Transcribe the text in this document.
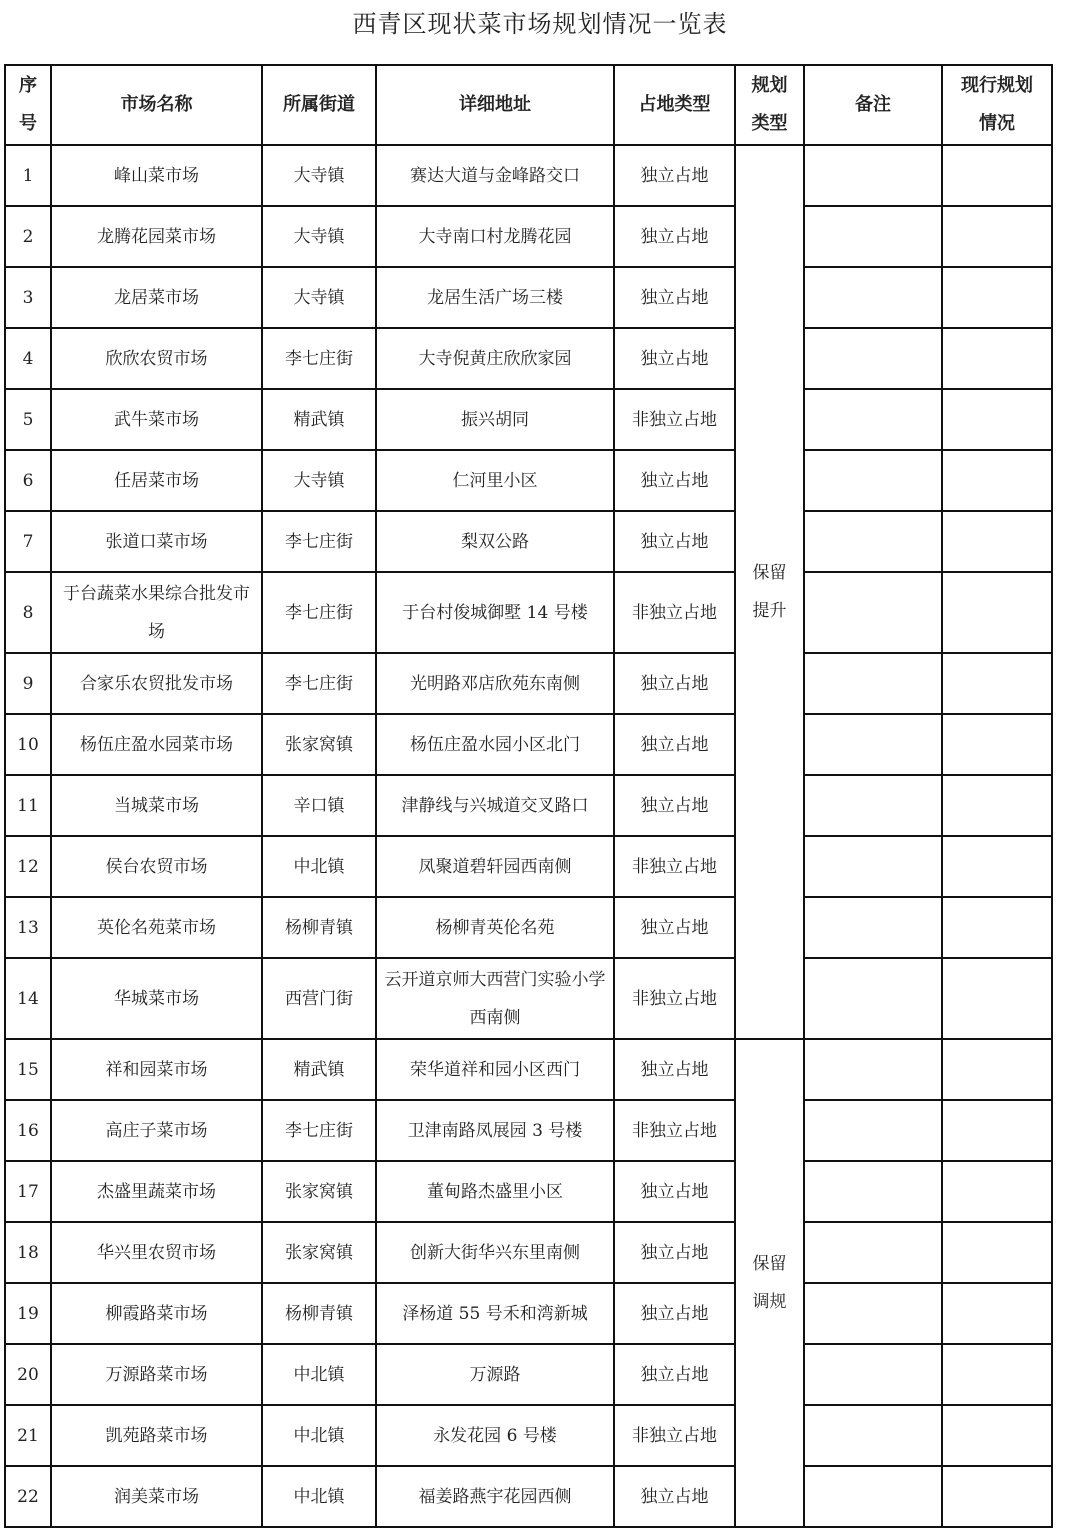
西青区现状菜市场规划情况一览表
序号	市场名称	所属街道	详细地址	占地类型	规划类型	备注	现行规划情况
1	峰山菜市场	大寺镇	赛达大道与金峰路交口	独立占地	保留提升		
2	龙腾花园菜市场	大寺镇	大寺南口村龙腾花园	独立占地			
3	龙居菜市场	大寺镇	龙居生活广场三楼	独立占地			
4	欣欣农贸市场	李七庄街	大寺倪黄庄欣欣家园	独立占地			
5	武牛菜市场	精武镇	振兴胡同	非独立占地			
6	任居菜市场	大寺镇	仁河里小区	独立占地			
7	张道口菜市场	李七庄街	梨双公路	独立占地			
8	于台蔬菜水果综合批发市场	李七庄街	于台村俊城御墅 14 号楼	非独立占地			
9	合家乐农贸批发市场	李七庄街	光明路邓店欣苑东南侧	独立占地			
10	杨伍庄盈水园菜市场	张家窝镇	杨伍庄盈水园小区北门	独立占地			
11	当城菜市场	辛口镇	津静线与兴城道交叉路口	独立占地			
12	侯台农贸市场	中北镇	凤聚道碧轩园西南侧	非独立占地			
13	英伦名苑菜市场	杨柳青镇	杨柳青英伦名苑	独立占地			
14	华城菜市场	西营门街	云开道京师大西营门实验小学西南侧	非独立占地			
15	祥和园菜市场	精武镇	荣华道祥和园小区西门	独立占地	保留调规		
16	高庄子菜市场	李七庄街	卫津南路凤展园 3 号楼	非独立占地			
17	杰盛里蔬菜市场	张家窝镇	董甸路杰盛里小区	独立占地			
18	华兴里农贸市场	张家窝镇	创新大街华兴东里南侧	独立占地			
19	柳霞路菜市场	杨柳青镇	泽杨道 55 号禾和湾新城	独立占地			
20	万源路菜市场	中北镇	万源路	独立占地			
21	凯苑路菜市场	中北镇	永发花园 6 号楼	非独立占地			
22	润美菜市场	中北镇	福姜路燕宇花园西侧	独立占地			
